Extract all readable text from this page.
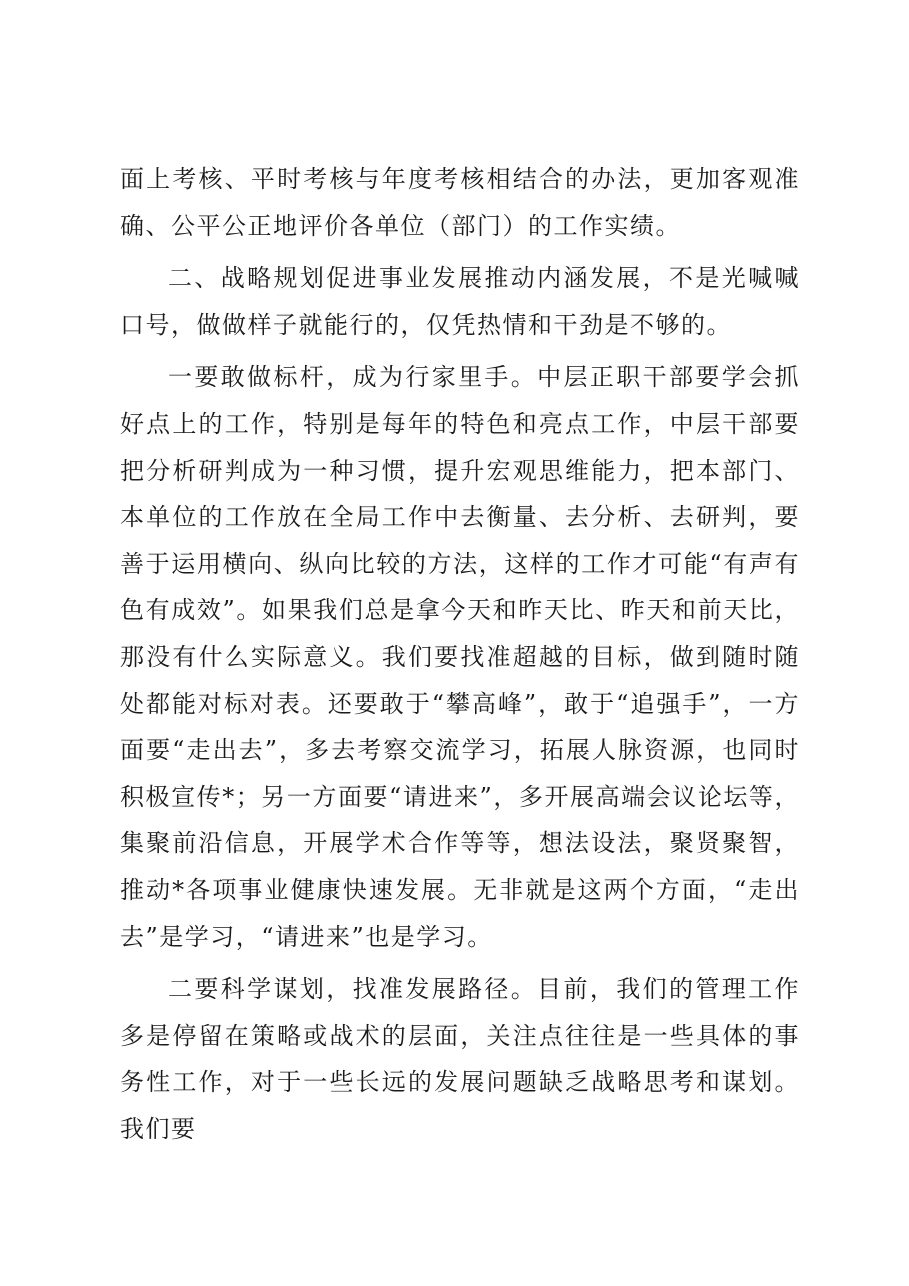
面上考核、平时考核与年度考核相结合的办法，更加客观准确、公平公正地评价各单位（部门）的工作实绩。

二、战略规划促进事业发展推动内涵发展，不是光喊喊口号，做做样子就能行的，仅凭热情和干劲是不够的。

一要敢做标杆，成为行家里手。中层正职干部要学会抓好点上的工作，特别是每年的特色和亮点工作，中层干部要把分析研判成为一种习惯，提升宏观思维能力，把本部门、本单位的工作放在全局工作中去衡量、去分析、去研判，要善于运用横向、纵向比较的方法，这样的工作才可能“有声有色有成效”。如果我们总是拿今天和昨天比、昨天和前天比，那没有什么实际意义。我们要找准超越的目标，做到随时随处都能对标对表。还要敢于“攀高峰”，敢于“追强手”，一方面要“走出去”，多去考察交流学习，拓展人脉资源，也同时积极宣传*；另一方面要“请进来”，多开展高端会议论坛等，集聚前沿信息，开展学术合作等等，想法设法，聚贤聚智，推动*各项事业健康快速发展。无非就是这两个方面，“走出去”是学习，“请进来”也是学习。

二要科学谋划，找准发展路径。目前，我们的管理工作多是停留在策略或战术的层面，关注点往往是一些具体的事务性工作，对于一些长远的发展问题缺乏战略思考和谋划。我们要
